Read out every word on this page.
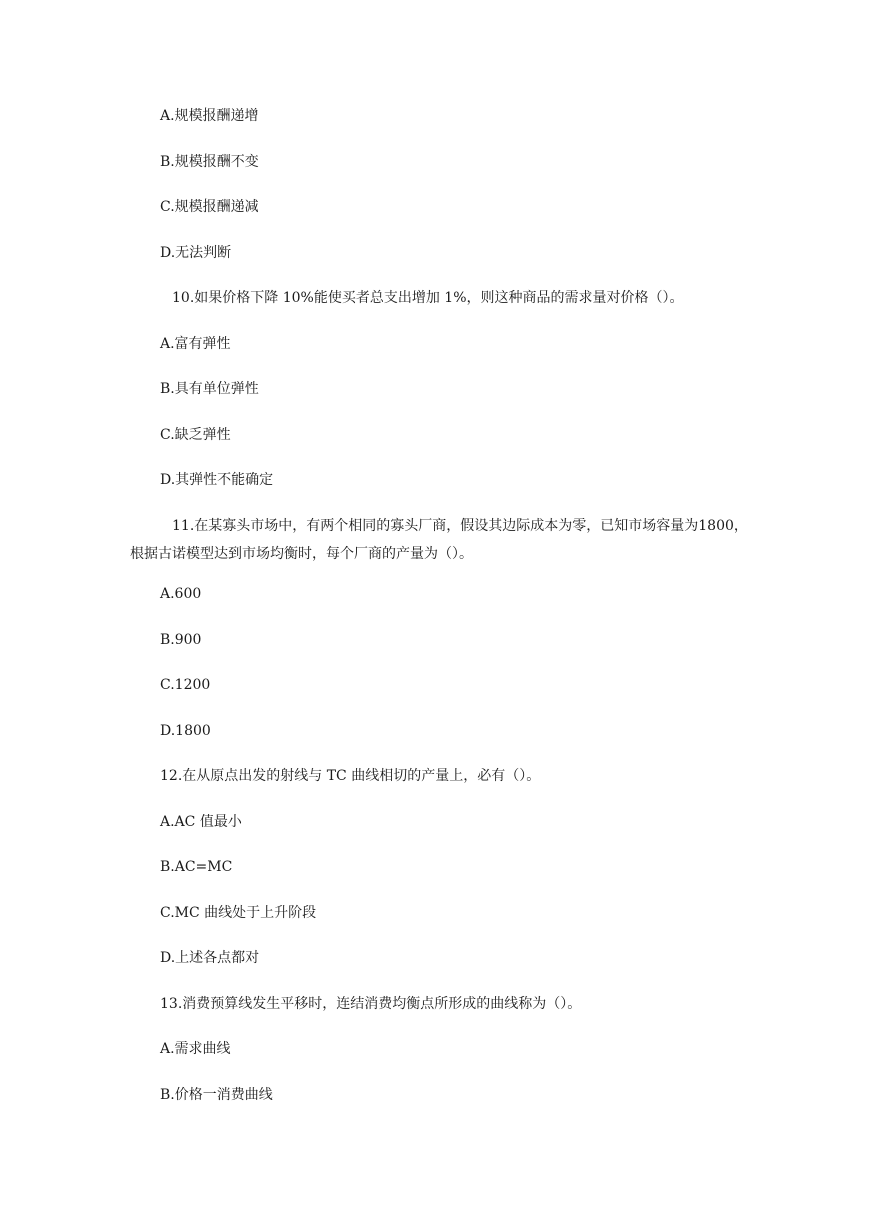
A.规模报酬递增
B.规模报酬不变
C.规模报酬递减
D.无法判断
10.如果价格下降 10%能使买者总支出增加 1%，则这种商品的需求量对价格（）。
A.富有弹性
B.具有单位弹性
C.缺乏弹性
D.其弹性不能确定
11.在某寡头市场中，有两个相同的寡头厂商，假设其边际成本为零，已知市场容量为1800，根据古诺模型达到市场均衡时，每个厂商的产量为（）。
A.600
B.900
C.1200
D.1800
12.在从原点出发的射线与 TC 曲线相切的产量上，必有（）。
A.AC 值最小
B.AC=MC
C.MC 曲线处于上升阶段
D.上述各点都对
13.消费预算线发生平移时，连结消费均衡点所形成的曲线称为（）。
A.需求曲线
B.价格一消费曲线
